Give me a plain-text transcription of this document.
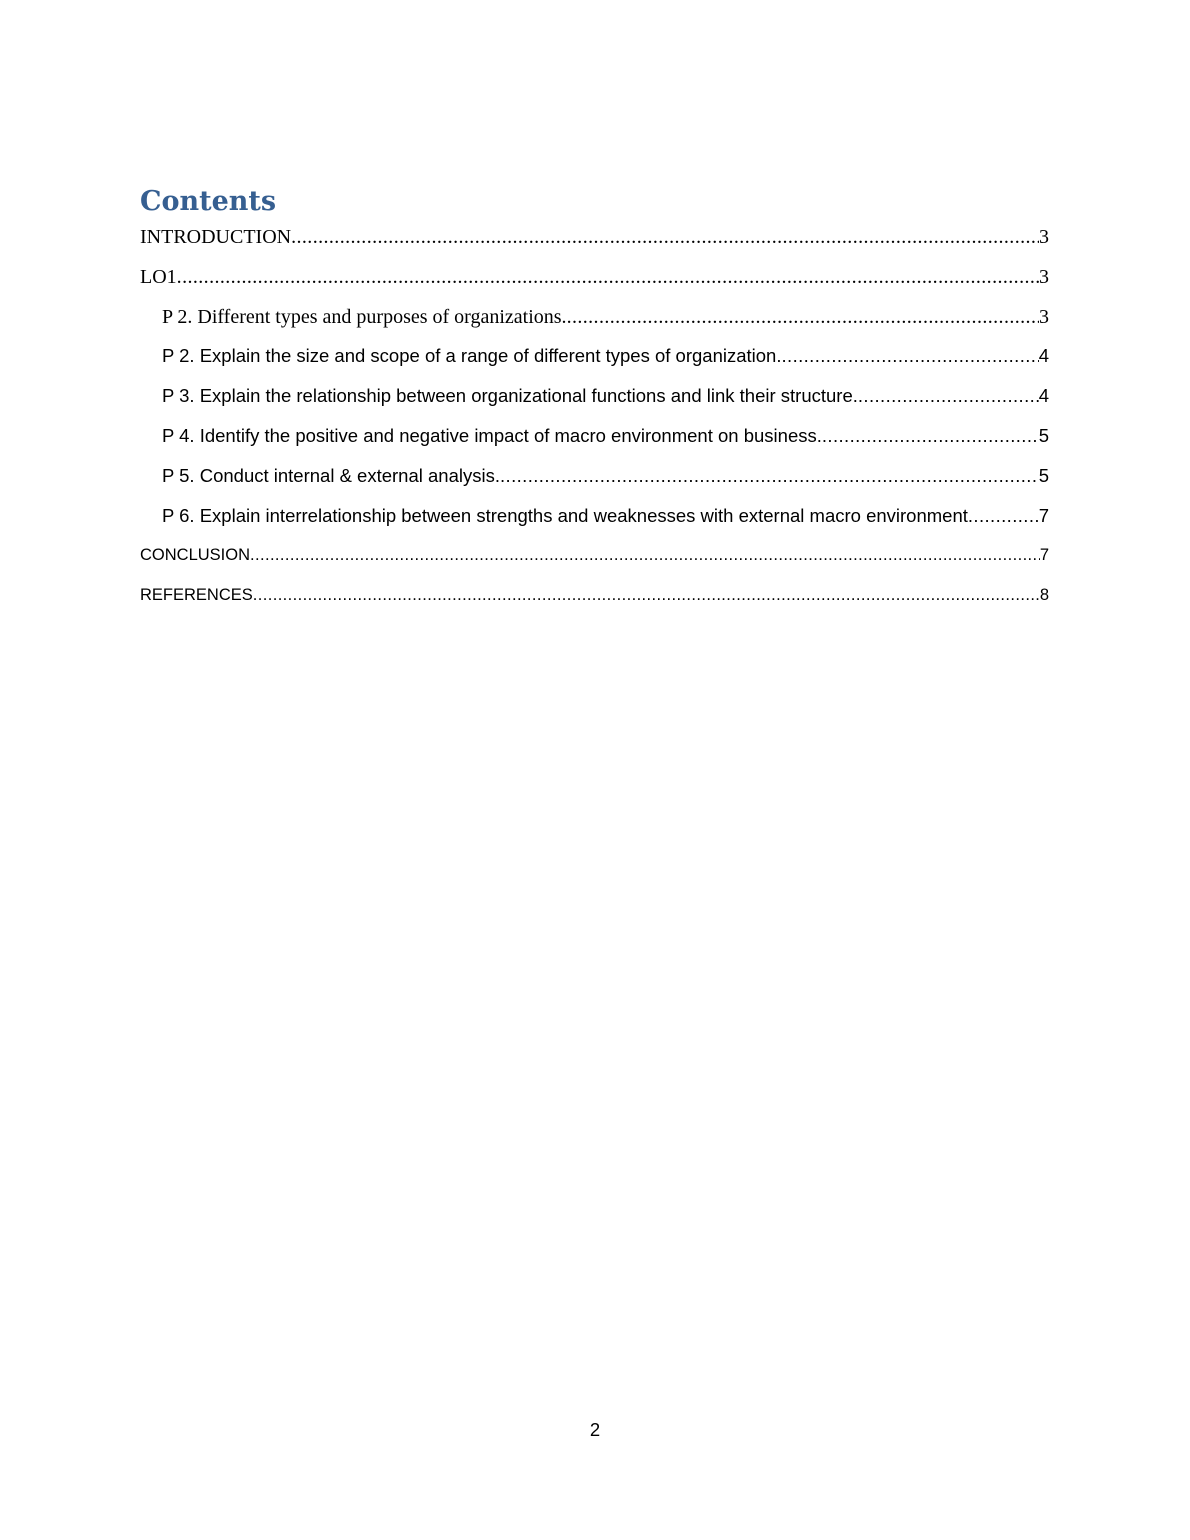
Contents
INTRODUCTION .....	3
LO1 .....	3
P 2. Different types and purposes of organizations. .....	3
P 2. Explain the size and scope of a range of different types of organization. .....	4
P 3. Explain the relationship between organizational functions and link their structure. .....	4
P 4. Identify the positive and negative impact of macro environment on business. .....	5
P 5. Conduct internal & external analysis. .....	5
P 6. Explain interrelationship between strengths and weaknesses with external macro environment .....	7
CONCLUSION .....	7
REFERENCES .....	8
2
